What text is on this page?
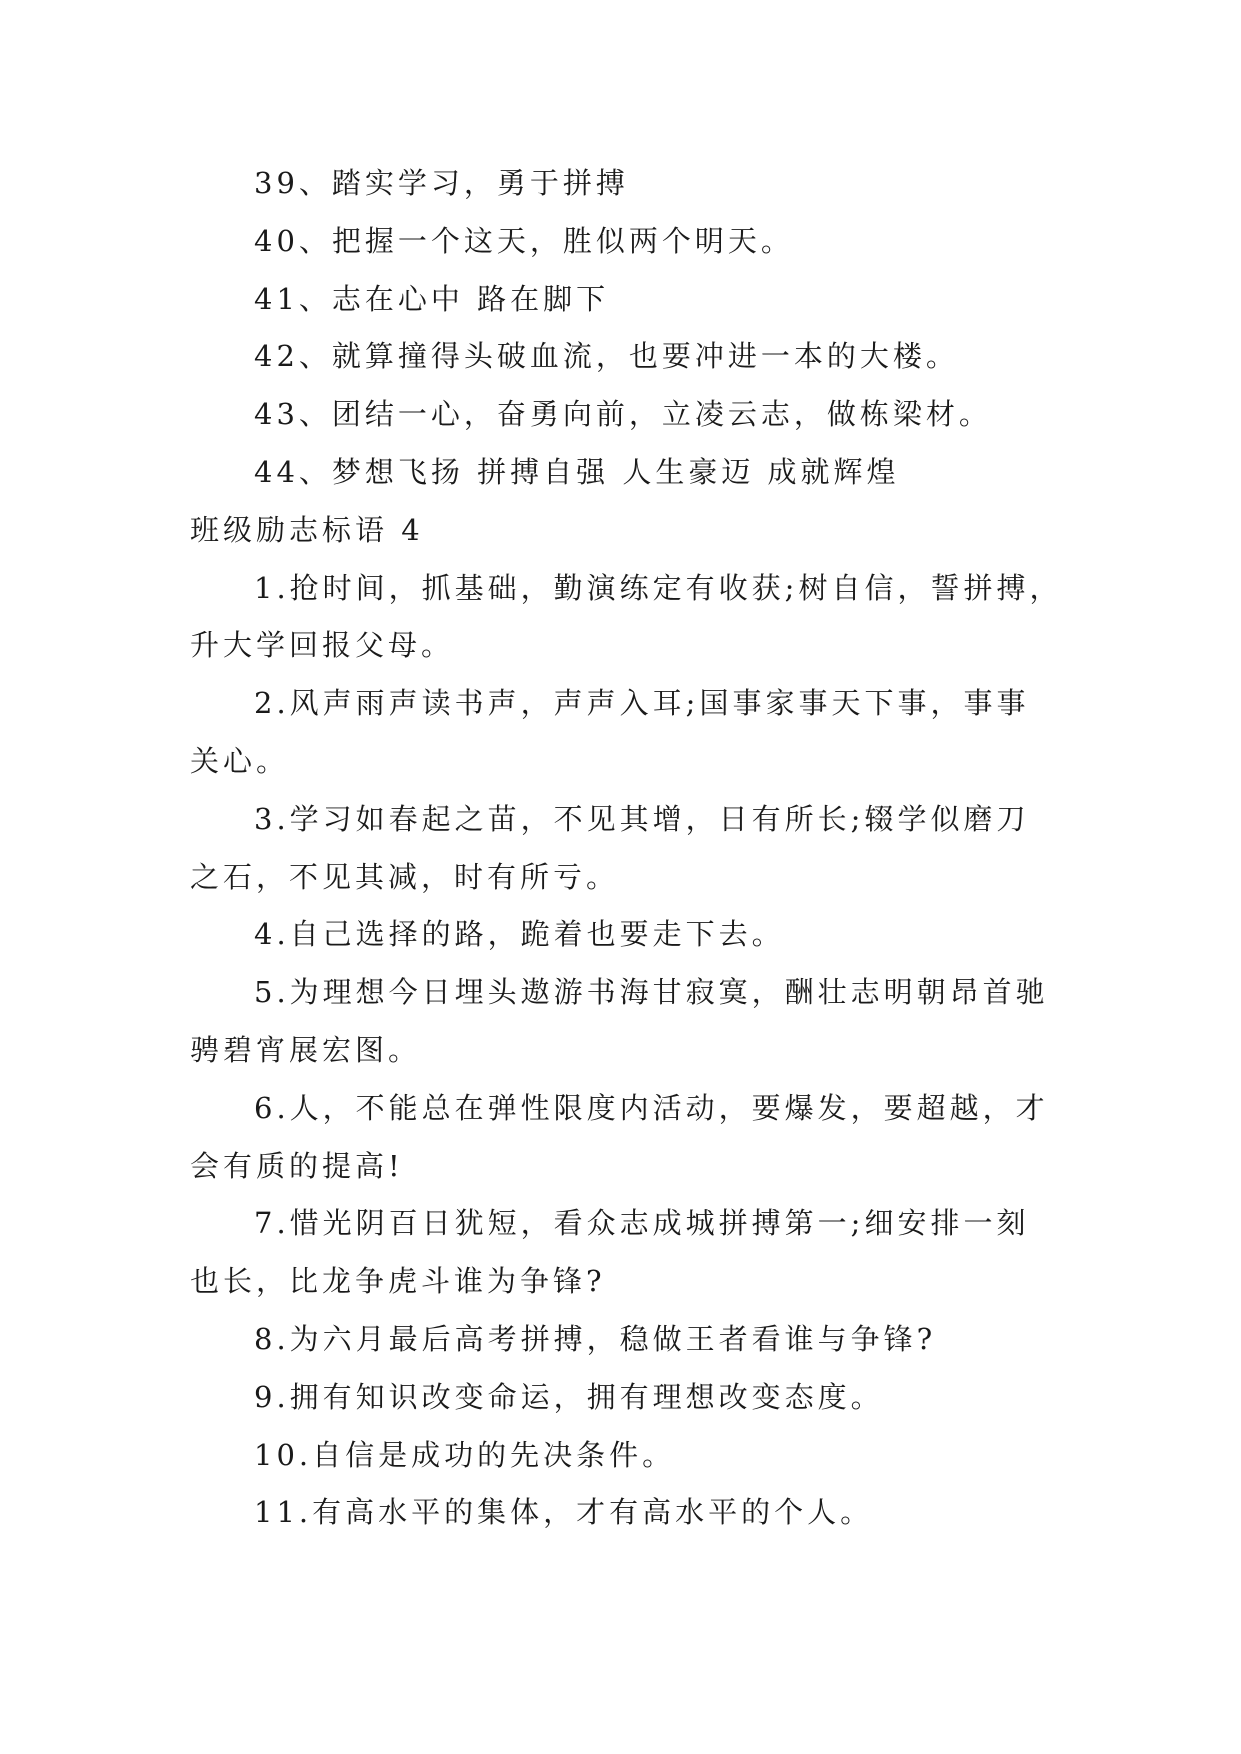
39、踏实学习，勇于拼搏
40、把握一个这天，胜似两个明天。
41、志在心中 路在脚下
42、就算撞得头破血流，也要冲进一本的大楼。
43、团结一心，奋勇向前，立凌云志，做栋梁材。
44、梦想飞扬 拼搏自强 人生豪迈 成就辉煌
班级励志标语 4
1.抢时间，抓基础，勤演练定有收获;树自信，誓拼搏，
升大学回报父母。
2.风声雨声读书声，声声入耳;国事家事天下事，事事
关心。
3.学习如春起之苗，不见其增，日有所长;辍学似磨刀
之石，不见其减，时有所亏。
4.自己选择的路，跪着也要走下去。
5.为理想今日埋头遨游书海甘寂寞，酬壮志明朝昂首驰
骋碧宵展宏图。
6.人，不能总在弹性限度内活动，要爆发，要超越，才
会有质的提高!
7.惜光阴百日犹短，看众志成城拼搏第一;细安排一刻
也长，比龙争虎斗谁为争锋?
8.为六月最后高考拼搏，稳做王者看谁与争锋?
9.拥有知识改变命运，拥有理想改变态度。
10.自信是成功的先决条件。
11.有高水平的集体，才有高水平的个人。
